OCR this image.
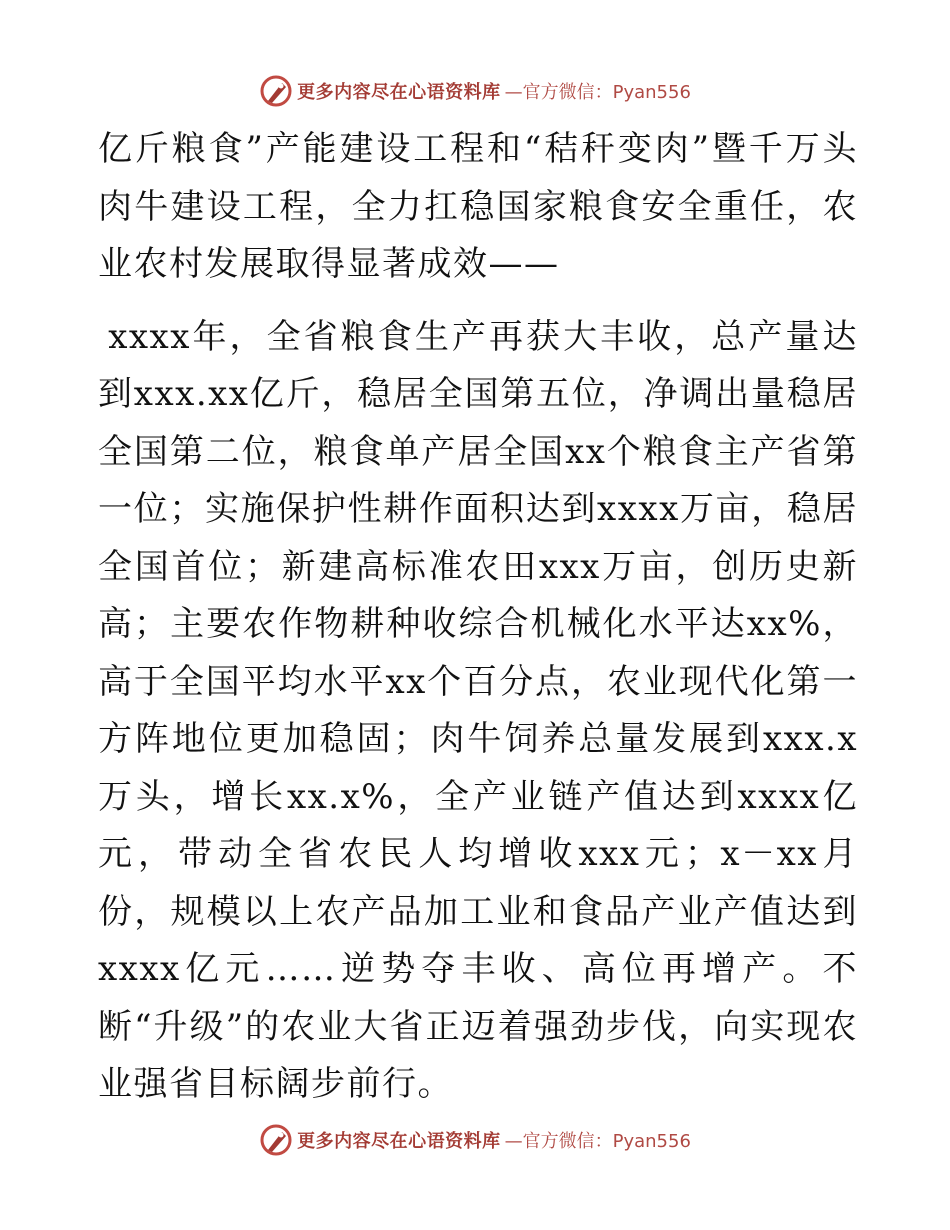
更多内容尽在心语资料库 —官方微信：Pyan556

亿斤粮食”产能建设工程和“秸秆变肉”暨千万头肉牛建设工程，全力扛稳国家粮食安全重任，农业农村发展取得显著成效——

xxxx年，全省粮食生产再获大丰收，总产量达到xxx.xx亿斤，稳居全国第五位，净调出量稳居全国第二位，粮食单产居全国xx个粮食主产省第一位；实施保护性耕作面积达到xxxx万亩，稳居全国首位；新建高标准农田xxx万亩，创历史新高；主要农作物耕种收综合机械化水平达xx%，高于全国平均水平xx个百分点，农业现代化第一方阵地位更加稳固；肉牛饲养总量发展到xxx.x万头，增长xx.x%，全产业链产值达到xxxx亿元，带动全省农民人均增收xxx元；x－xx月份，规模以上农产品加工业和食品产业产值达到xxxx亿元……逆势夺丰收、高位再增产。不断“升级”的农业大省正迈着强劲步伐，向实现农业强省目标阔步前行。

更多内容尽在心语资料库 —官方微信：Pyan556
